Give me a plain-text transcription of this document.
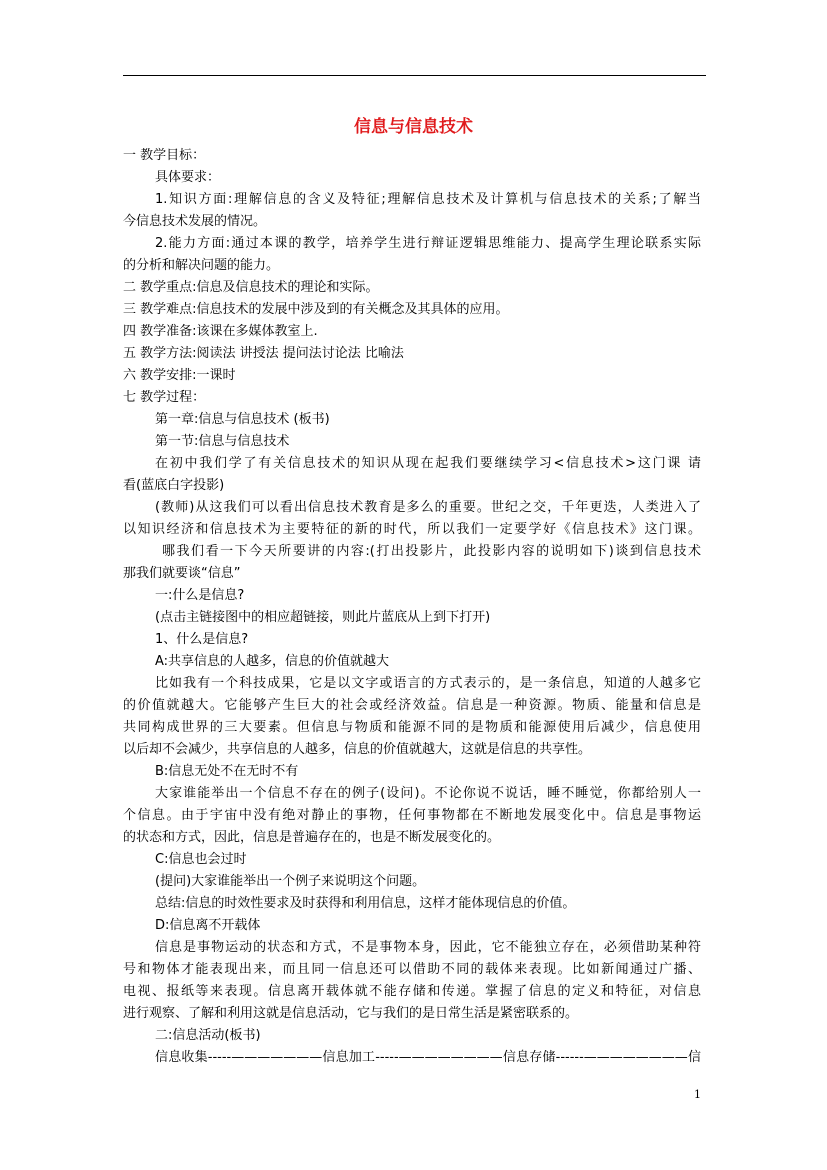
信息与信息技术
一 教学目标：
具体要求：
1.知识方面:理解信息的含义及特征;理解信息技术及计算机与信息技术的关系;了解当
今信息技术发展的情况。
2.能力方面:通过本课的教学，培养学生进行辩证逻辑思维能力、提高学生理论联系实际
的分析和解决问题的能力。
二 教学重点:信息及信息技术的理论和实际。
三 教学难点:信息技术的发展中涉及到的有关概念及其具体的应用。
四 教学准备:该课在多媒体教室上.
五 教学方法:阅读法 讲授法 提问法讨论法 比喻法
六 教学安排:一课时
七 教学过程：
第一章:信息与信息技术 (板书)
第一节:信息与信息技术
在初中我们学了有关信息技术的知识从现在起我们要继续学习<信息技术>这门课 请
看(蓝底白字投影)
(教师)从这我们可以看出信息技术教育是多么的重要。世纪之交，千年更迭，人类进入了
以知识经济和信息技术为主要特征的新的时代，所以我们一定要学好《信息技术》这门课。
哪我们看一下今天所要讲的内容:(打出投影片，此投影内容的说明如下)谈到信息技术
那我们就要谈“信息”
一:什么是信息?
(点击主链接图中的相应超链接，则此片蓝底从上到下打开)
1、什么是信息?
A:共享信息的人越多，信息的价值就越大
比如我有一个科技成果，它是以文字或语言的方式表示的，是一条信息，知道的人越多它
的价值就越大。它能够产生巨大的社会或经济效益。信息是一种资源。物质、能量和信息是
共同构成世界的三大要素。但信息与物质和能源不同的是物质和能源使用后减少，信息使用
以后却不会减少，共享信息的人越多，信息的价值就越大，这就是信息的共享性。
B:信息无处不在无时不有
大家谁能举出一个信息不存在的例子(设问)。不论你说不说话，睡不睡觉，你都给别人一
个信息。由于宇宙中没有绝对静止的事物，任何事物都在不断地发展变化中。信息是事物运
的状态和方式，因此，信息是普遍存在的，也是不断发展变化的。
C:信息也会过时
(提问)大家谁能举出一个例子来说明这个问题。
总结:信息的时效性要求及时获得和利用信息，这样才能体现信息的价值。
D:信息离不开载体
信息是事物运动的状态和方式，不是事物本身，因此，它不能独立存在，必须借助某种符
号和物体才能表现出来，而且同一信息还可以借助不同的载体来表现。比如新闻通过广播、
电视、报纸等来表现。信息离开载体就不能存储和传递。掌握了信息的定义和特征，对信息
进行观察、了解和利用这就是信息活动，它与我们的是日常生活是紧密联系的。
二:信息活动(板书)
信息收集-----———————信息加工-----————————信息存储------————————信
1
